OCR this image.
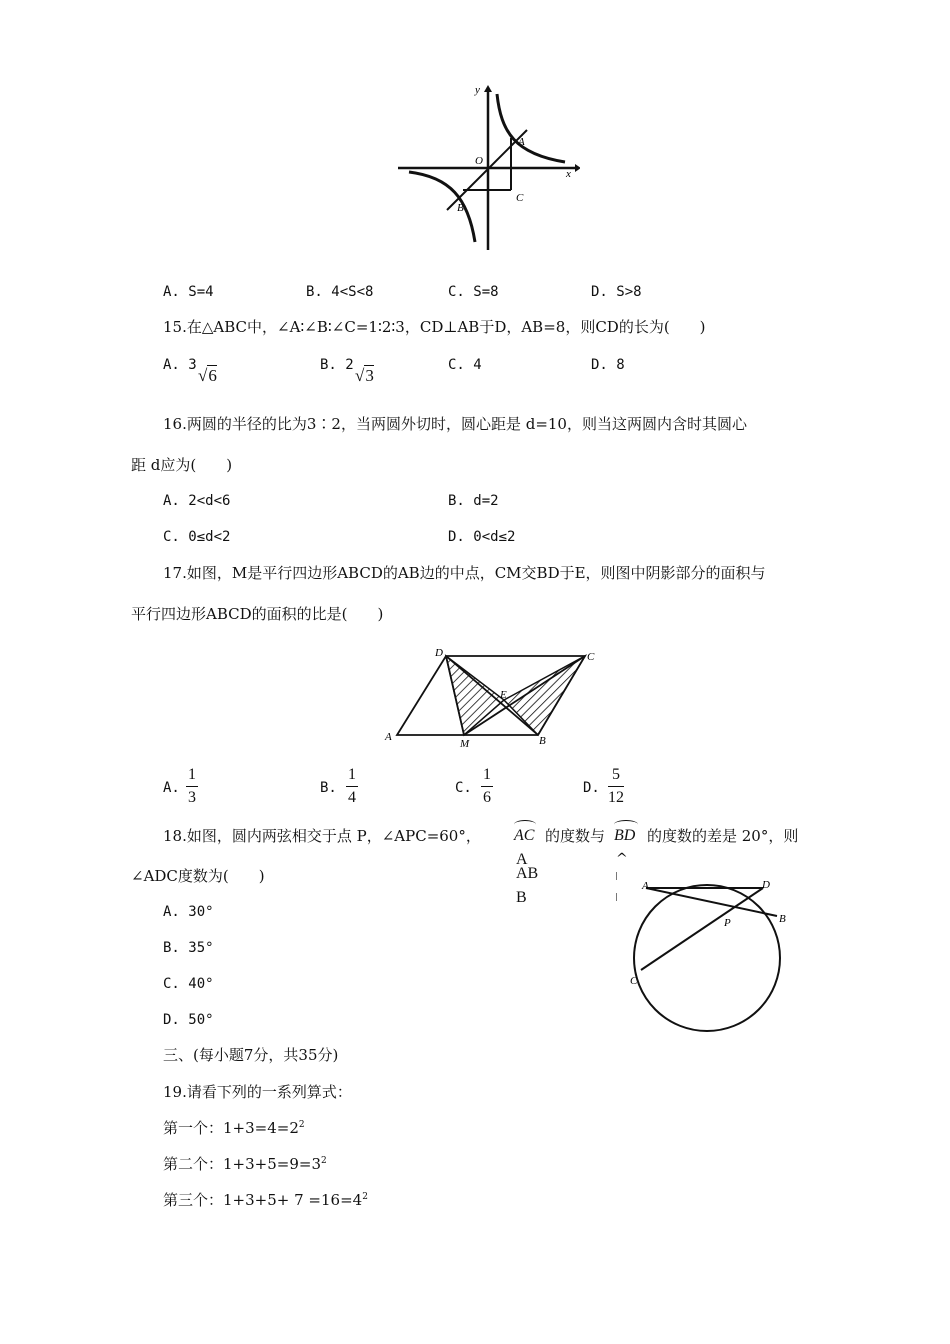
y
x
O
A
B
C
A. S=4	B. 4<S<8	C. S=8	D. S>8
15.在△ABC中，∠A∶∠B∶∠C=1∶2∶3，CD⊥AB于D，AB=8，则CD的长为(　　)
A. 3
√6
B. 2
√3
C. 4	D. 8
16.两圆的半径的比为3∶2，当两圆外切时，圆心距是 d=10，则当这两圆内含时其圆心
距 d应为(　　)
A. 2<d<6	B. d=2
C. 0≤d<2	D. 0<d≤2
17.如图，M是平行四边形ABCD的AB边的中点，CM交BD于E，则图中阴影部分的面积与
平行四边形ABCD的面积的比是(　　)
A	B
C
D
E
M
A. $\frac{1}{3}$	B. $\frac{1}{4}$	C. $\frac{1}{6}$	D. $\frac{5}{12}$
18.如图，圆内两弦相交于点 P，∠APC=60°， AC 的度数与 BD 的度数的差是 20°，则
∠ADC度数为(　　)
A
AB
B
^
A	D
B
P
C
A. 30°
B. 35°
C. 40°
D. 50°
三、(每小题7分，共35分)
19.请看下列的一系列算式：
第一个：$1+3=4=2^2$
第二个：$1+3+5=9=3^2$
第三个：$1+3+5+ 7 =16=4^2$
